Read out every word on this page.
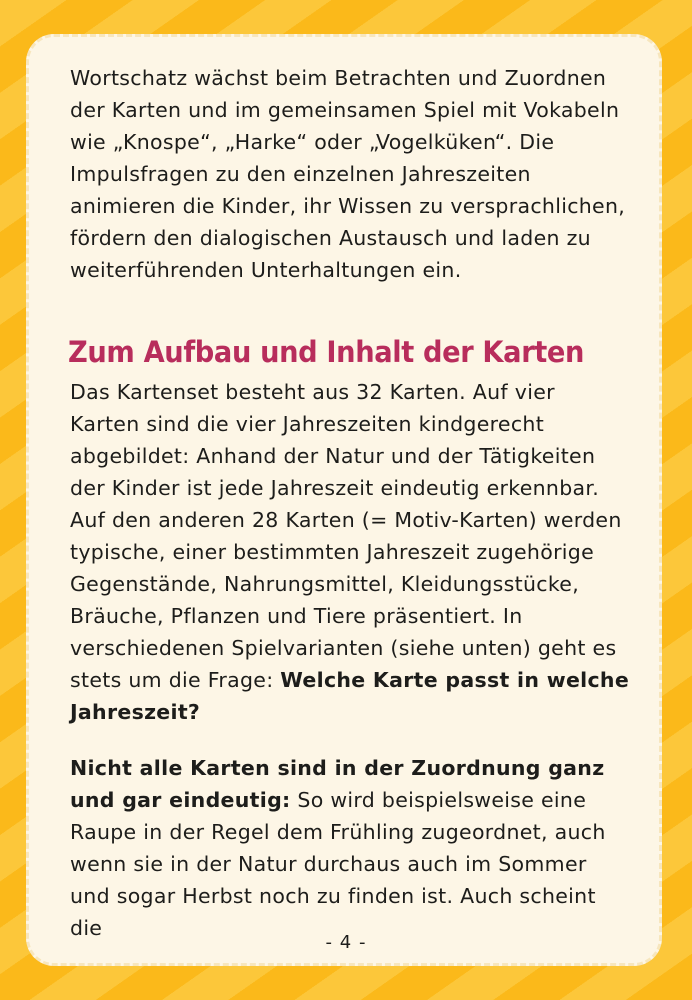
Wortschatz wächst beim Betrachten und Zuordnen der Karten und im gemeinsamen Spiel mit Vokabeln wie „Knospe“, „Harke“ oder „Vogelküken“. Die Impulsfragen zu den einzelnen Jahreszeiten animieren die Kinder, ihr Wissen zu versprachlichen, fördern den dialogischen Austausch und laden zu weiterführenden Unterhaltungen ein.

Zum Aufbau und Inhalt der Karten

Das Kartenset besteht aus 32 Karten. Auf vier Karten sind die vier Jahreszeiten kindgerecht abgebildet: Anhand der Natur und der Tätigkeiten der Kinder ist jede Jahreszeit eindeutig erkennbar. Auf den anderen 28 Karten (= Motiv-Karten) werden typische, einer bestimmten Jahreszeit zugehörige Gegenstände, Nahrungsmittel, Kleidungsstücke, Bräuche, Pflanzen und Tiere präsentiert. In verschiedenen Spielvarianten (siehe unten) geht es stets um die Frage: Welche Karte passt in welche Jahreszeit?

Nicht alle Karten sind in der Zuordnung ganz und gar eindeutig: So wird beispielsweise eine Raupe in der Regel dem Frühling zugeordnet, auch wenn sie in der Natur durchaus auch im Sommer und sogar Herbst noch zu finden ist. Auch scheint die

- 4 -
